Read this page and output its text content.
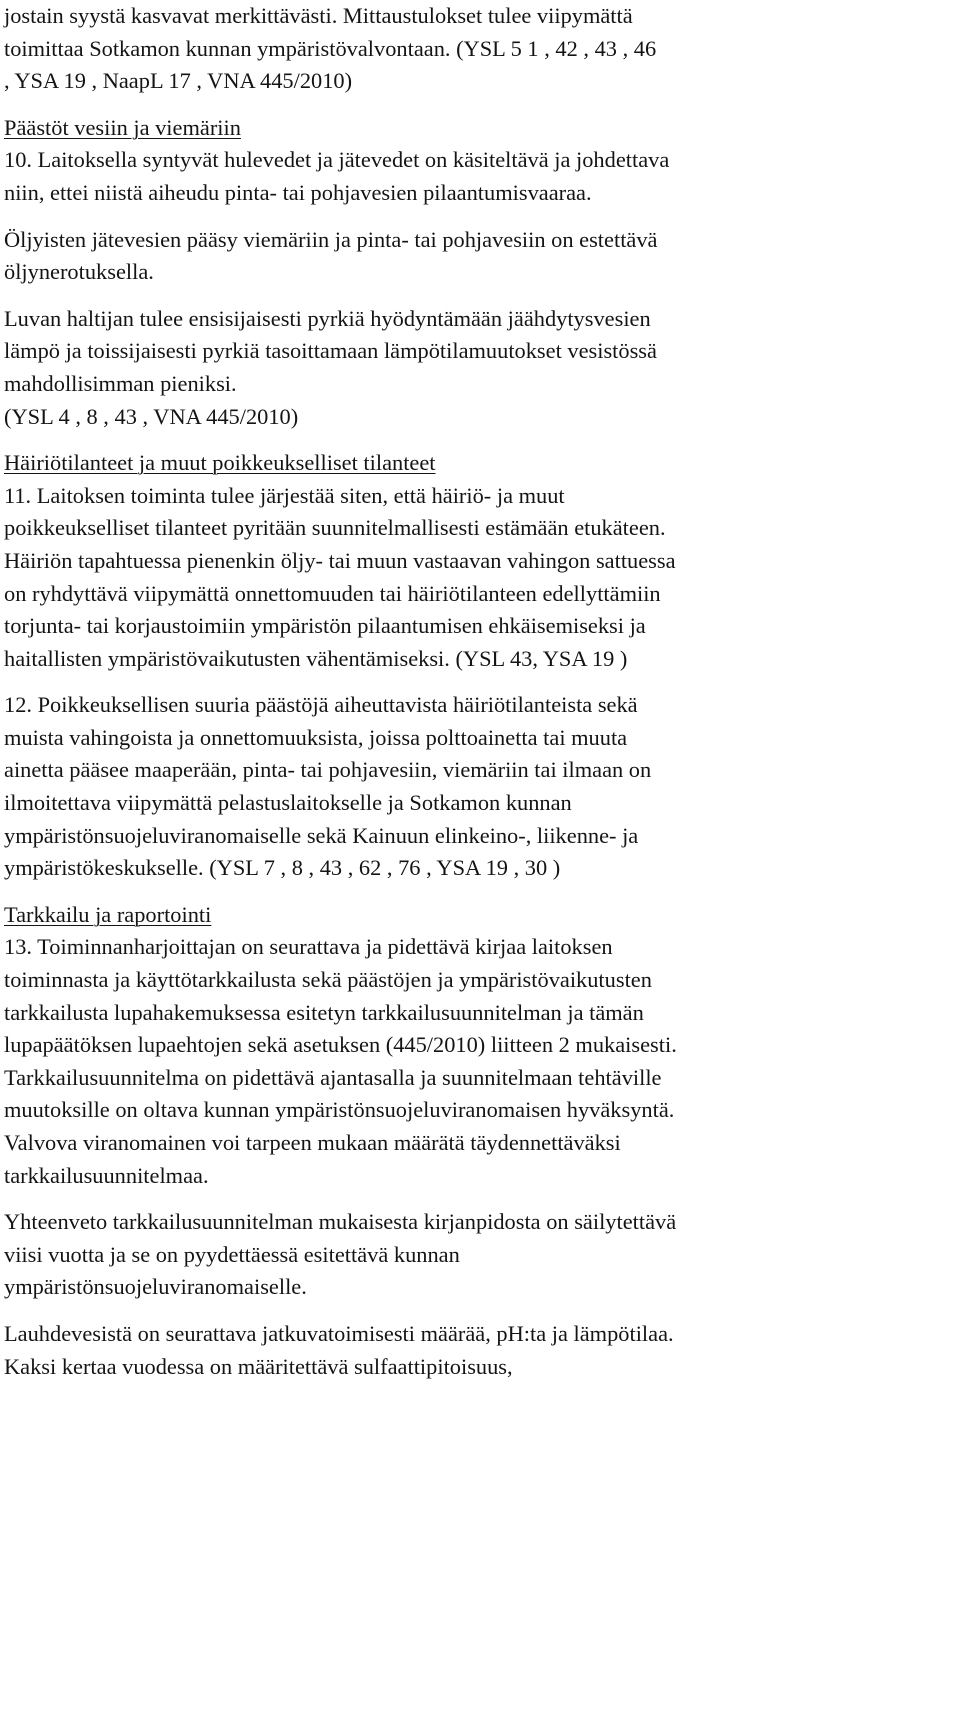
jostain syystä kasvavat merkittävästi. Mittaustulokset tulee viipymättä
toimittaa Sotkamon kunnan ympäristövalvontaan. (YSL 5 1 , 42 , 43 , 46
, YSA 19 , NaapL 17 , VNA 445/2010)
Päästöt vesiin ja viemäriin
10. Laitoksella syntyvät hulevedet ja jätevedet on käsiteltävä ja johdettava
niin, ettei niistä aiheudu pinta- tai pohjavesien pilaantumisvaaraa.
Öljyisten jätevesien pääsy viemäriin ja pinta- tai pohjavesiin on estettävä
öljynerotuksella.
Luvan haltijan tulee ensisijaisesti pyrkiä hyödyntämään jäähdytysvesien
lämpö ja toissijaisesti pyrkiä tasoittamaan lämpötilamuutokset vesistössä
mahdollisimman pieniksi.
(YSL 4 , 8 , 43 , VNA 445/2010)
Häiriötilanteet ja muut poikkeukselliset tilanteet
11. Laitoksen toiminta tulee järjestää siten, että häiriö- ja muut
poikkeukselliset tilanteet pyritään suunnitelmallisesti estämään etukäteen.
Häiriön tapahtuessa pienenkin öljy- tai muun vastaavan vahingon sattuessa
on ryhdyttävä viipymättä onnettomuuden tai häiriötilanteen edellyttämiin
torjunta- tai korjaustoimiin ympäristön pilaantumisen ehkäisemiseksi ja
haitallisten ympäristövaikutusten vähentämiseksi. (YSL 43, YSA 19 )
12. Poikkeuksellisen suuria päästöjä aiheuttavista häiriötilanteista sekä
muista vahingoista ja onnettomuuksista, joissa polttoainetta tai muuta
ainetta pääsee maaperään, pinta- tai pohjavesiin, viemäriin tai ilmaan on
ilmoitettava viipymättä pelastuslaitokselle ja Sotkamon kunnan
ympäristönsuojeluviranomaiselle sekä Kainuun elinkeino-, liikenne- ja
ympäristökeskukselle. (YSL 7 , 8 , 43 , 62 , 76 , YSA 19 , 30 )
Tarkkailu ja raportointi
13. Toiminnanharjoittajan on seurattava ja pidettävä kirjaa laitoksen
toiminnasta ja käyttötarkkailusta sekä päästöjen ja ympäristövaikutusten
tarkkailusta lupahakemuksessa esitetyn tarkkailusuunnitelman ja tämän
lupapäätöksen lupaehtojen sekä asetuksen (445/2010) liitteen 2 mukaisesti.
Tarkkailusuunnitelma on pidettävä ajantasalla ja suunnitelmaan tehtäville
muutoksille on oltava kunnan ympäristönsuojeluviranomaisen hyväksyntä.
Valvova viranomainen voi tarpeen mukaan määrätä täydennettäväksi
tarkkailusuunnitelmaa.
Yhteenveto tarkkailusuunnitelman mukaisesta kirjanpidosta on säilytettävä
viisi vuotta ja se on pyydettäessä esitettävä kunnan
ympäristönsuojeluviranomaiselle.
Lauhdevesistä on seurattava jatkuvatoimisesti määrää, pH:ta ja lämpötilaa.
Kaksi kertaa vuodessa on määritettävä sulfaattipitoisuus,
